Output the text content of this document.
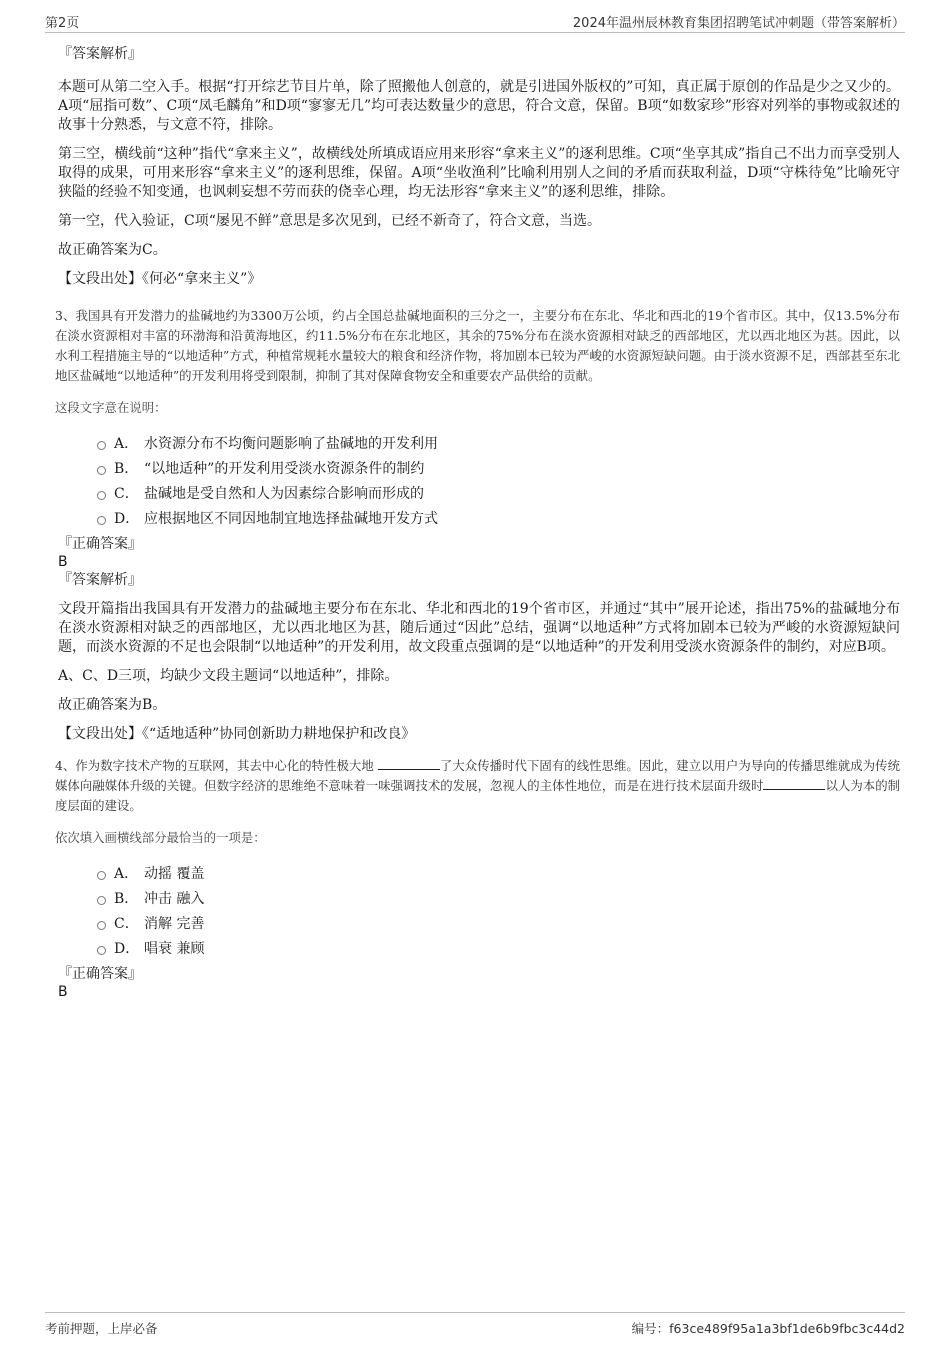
第2页	2024年温州辰林教育集团招聘笔试冲刺题（带答案解析）
『答案解析』

本题可从第二空入手。根据“打开综艺节目片单，除了照搬他人创意的，就是引进国外版权的”可知，真正属于原创的作品是少之又少的。A项“屈指可数”、C项“凤毛麟角”和D项“寥寥无几”均可表达数量少的意思，符合文意，保留。B项“如数家珍”形容对列举的事物或叙述的故事十分熟悉，与文意不符，排除。

第三空，横线前“这种”指代“拿来主义”，故横线处所填成语应用来形容“拿来主义”的逐利思维。C项“坐享其成”指自己不出力而享受别人取得的成果，可用来形容“拿来主义”的逐利思维，保留。A项“坐收渔利”比喻利用别人之间的矛盾而获取利益，D项“守株待兔”比喻死守狭隘的经验不知变通，也讽刺妄想不劳而获的侥幸心理，均无法形容“拿来主义”的逐利思维，排除。

第一空，代入验证，C项“屡见不鲜”意思是多次见到，已经不新奇了，符合文意，当选。

故正确答案为C。

【文段出处】《何必“拿来主义”》

3、我国具有开发潜力的盐碱地约为3300万公顷，约占全国总盐碱地面积的三分之一，主要分布在东北、华北和西北的19个省市区。其中，仅13.5%分布在淡水资源相对丰富的环渤海和沿黄海地区，约11.5%分布在东北地区，其余的75%分布在淡水资源相对缺乏的西部地区，尤以西北地区为甚。因此，以水利工程措施主导的“以地适种”方式，种植常规耗水量较大的粮食和经济作物，将加剧本已较为严峻的水资源短缺问题。由于淡水资源不足，西部甚至东北地区盐碱地“以地适种”的开发利用将受到限制，抑制了其对保障食物安全和重要农产品供给的贡献。

这段文字意在说明：

A． 水资源分布不均衡问题影响了盐碱地的开发利用
B． “以地适种”的开发利用受淡水资源条件的制约
C． 盐碱地是受自然和人为因素综合影响而形成的
D． 应根据地区不同因地制宜地选择盐碱地开发方式
『正确答案』
B
『答案解析』

文段开篇指出我国具有开发潜力的盐碱地主要分布在东北、华北和西北的19个省市区，并通过“其中”展开论述，指出75%的盐碱地分布在淡水资源相对缺乏的西部地区，尤以西北地区为甚，随后通过“因此”总结，强调“以地适种”方式将加剧本已较为严峻的水资源短缺问题，而淡水资源的不足也会限制“以地适种”的开发利用，故文段重点强调的是“以地适种”的开发利用受淡水资源条件的制约，对应B项。

A、C、D三项，均缺少文段主题词“以地适种”，排除。

故正确答案为B。

【文段出处】《“适地适种”协同创新助力耕地保护和改良》

4、作为数字技术产物的互联网，其去中心化的特性极大地	了大众传播时代下固有的线性思维。因此，建立以用户为导向的传播思维就成为传统媒体向融媒体升级的关键。但数字经济的思维绝不意味着一味强调技术的发展，忽视人的主体性地位，而是在进行技术层面升级时	以人为本的制度层面的建设。

依次填入画横线部分最恰当的一项是：

A． 动摇 覆盖
B． 冲击 融入
C． 消解 完善
D． 唱衰 兼顾
『正确答案』
B
考前押题，上岸必备	编号：f63ce489f95a1a3bf1de6b9fbc3c44d2
